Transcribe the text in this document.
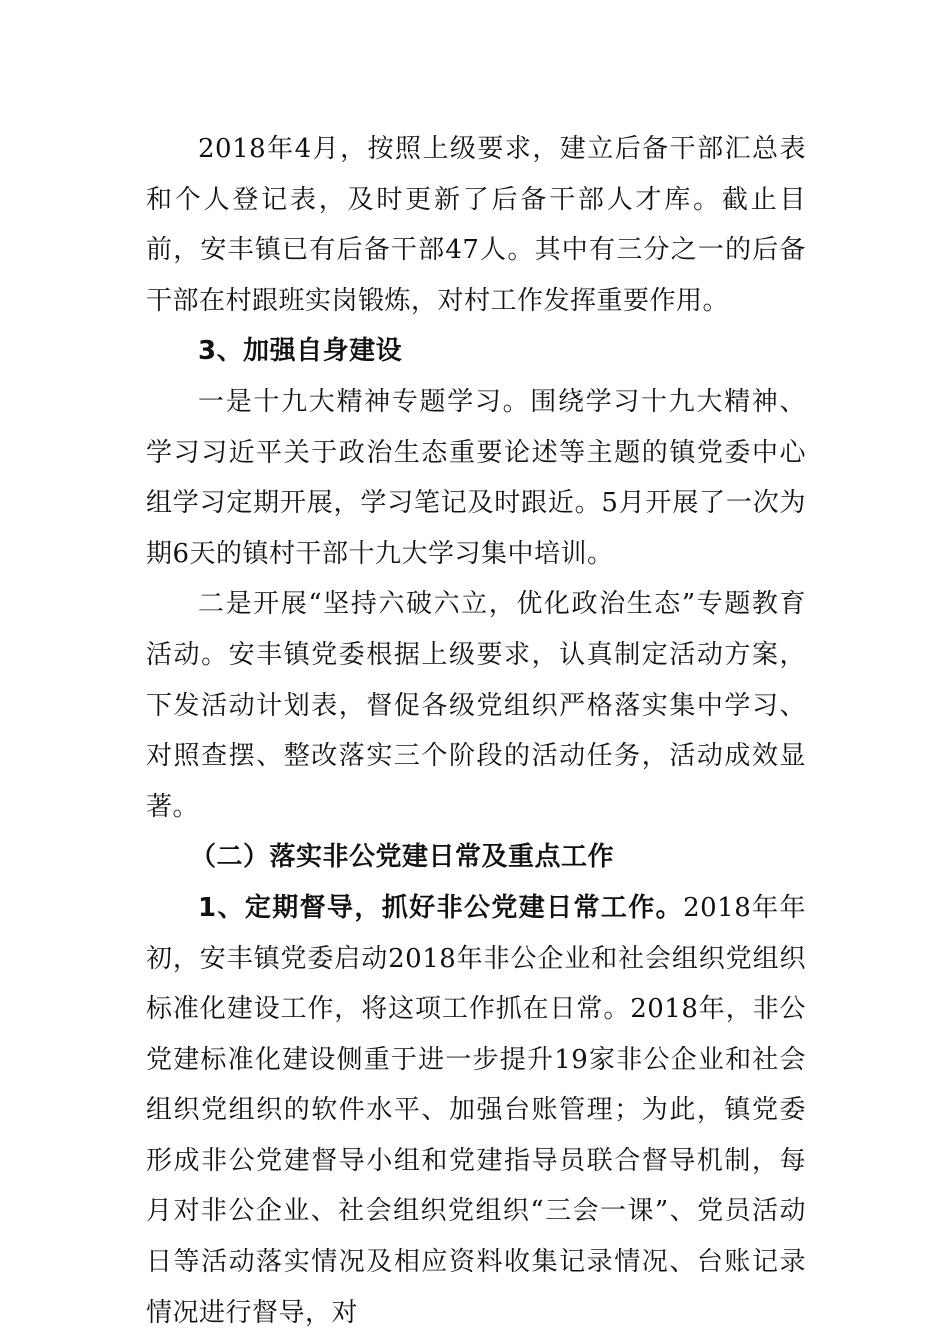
2018年4月，按照上级要求，建立后备干部汇总表和个人登记表，及时更新了后备干部人才库。截止目前，安丰镇已有后备干部47人。其中有三分之一的后备干部在村跟班实岗锻炼，对村工作发挥重要作用。

3、加强自身建设

一是十九大精神专题学习。围绕学习十九大精神、学习习近平关于政治生态重要论述等主题的镇党委中心组学习定期开展，学习笔记及时跟近。5月开展了一次为期6天的镇村干部十九大学习集中培训。

二是开展“坚持六破六立，优化政治生态”专题教育活动。安丰镇党委根据上级要求，认真制定活动方案，下发活动计划表，督促各级党组织严格落实集中学习、对照查摆、整改落实三个阶段的活动任务，活动成效显著。

（二）落实非公党建日常及重点工作

1、定期督导，抓好非公党建日常工作。2018年年初，安丰镇党委启动2018年非公企业和社会组织党组织标准化建设工作，将这项工作抓在日常。2018年，非公党建标准化建设侧重于进一步提升19家非公企业和社会组织党组织的软件水平、加强台账管理；为此，镇党委形成非公党建督导小组和党建指导员联合督导机制，每月对非公企业、社会组织党组织“三会一课”、党员活动日等活动落实情况及相应资料收集记录情况、台账记录情况进行督导，对
